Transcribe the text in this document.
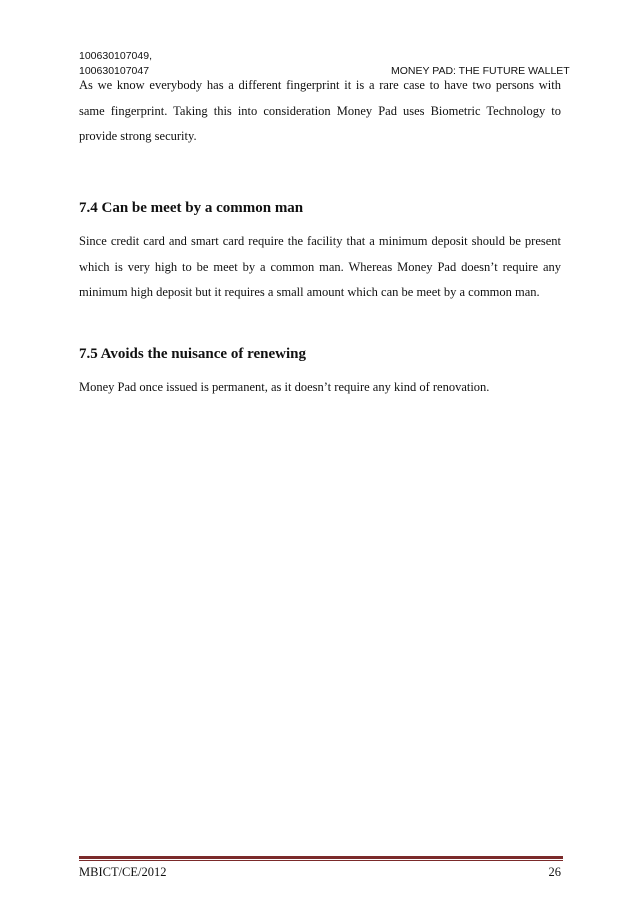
100630107049,
100630107047	MONEY PAD: THE FUTURE WALLET

As we know everybody has a different fingerprint it is a rare case to have two persons with same fingerprint. Taking this into consideration Money Pad uses Biometric Technology to provide strong security.

7.4 Can be meet by a common man

Since credit card and smart card require the facility that a minimum deposit should be present which is very high to be meet by a common man. Whereas Money Pad doesn’t require any minimum high deposit but it requires a small amount which can be meet by a common man.

7.5 Avoids the nuisance of renewing

Money Pad once issued is permanent, as it doesn’t require any kind of renovation.

MBICT/CE/2012	26
